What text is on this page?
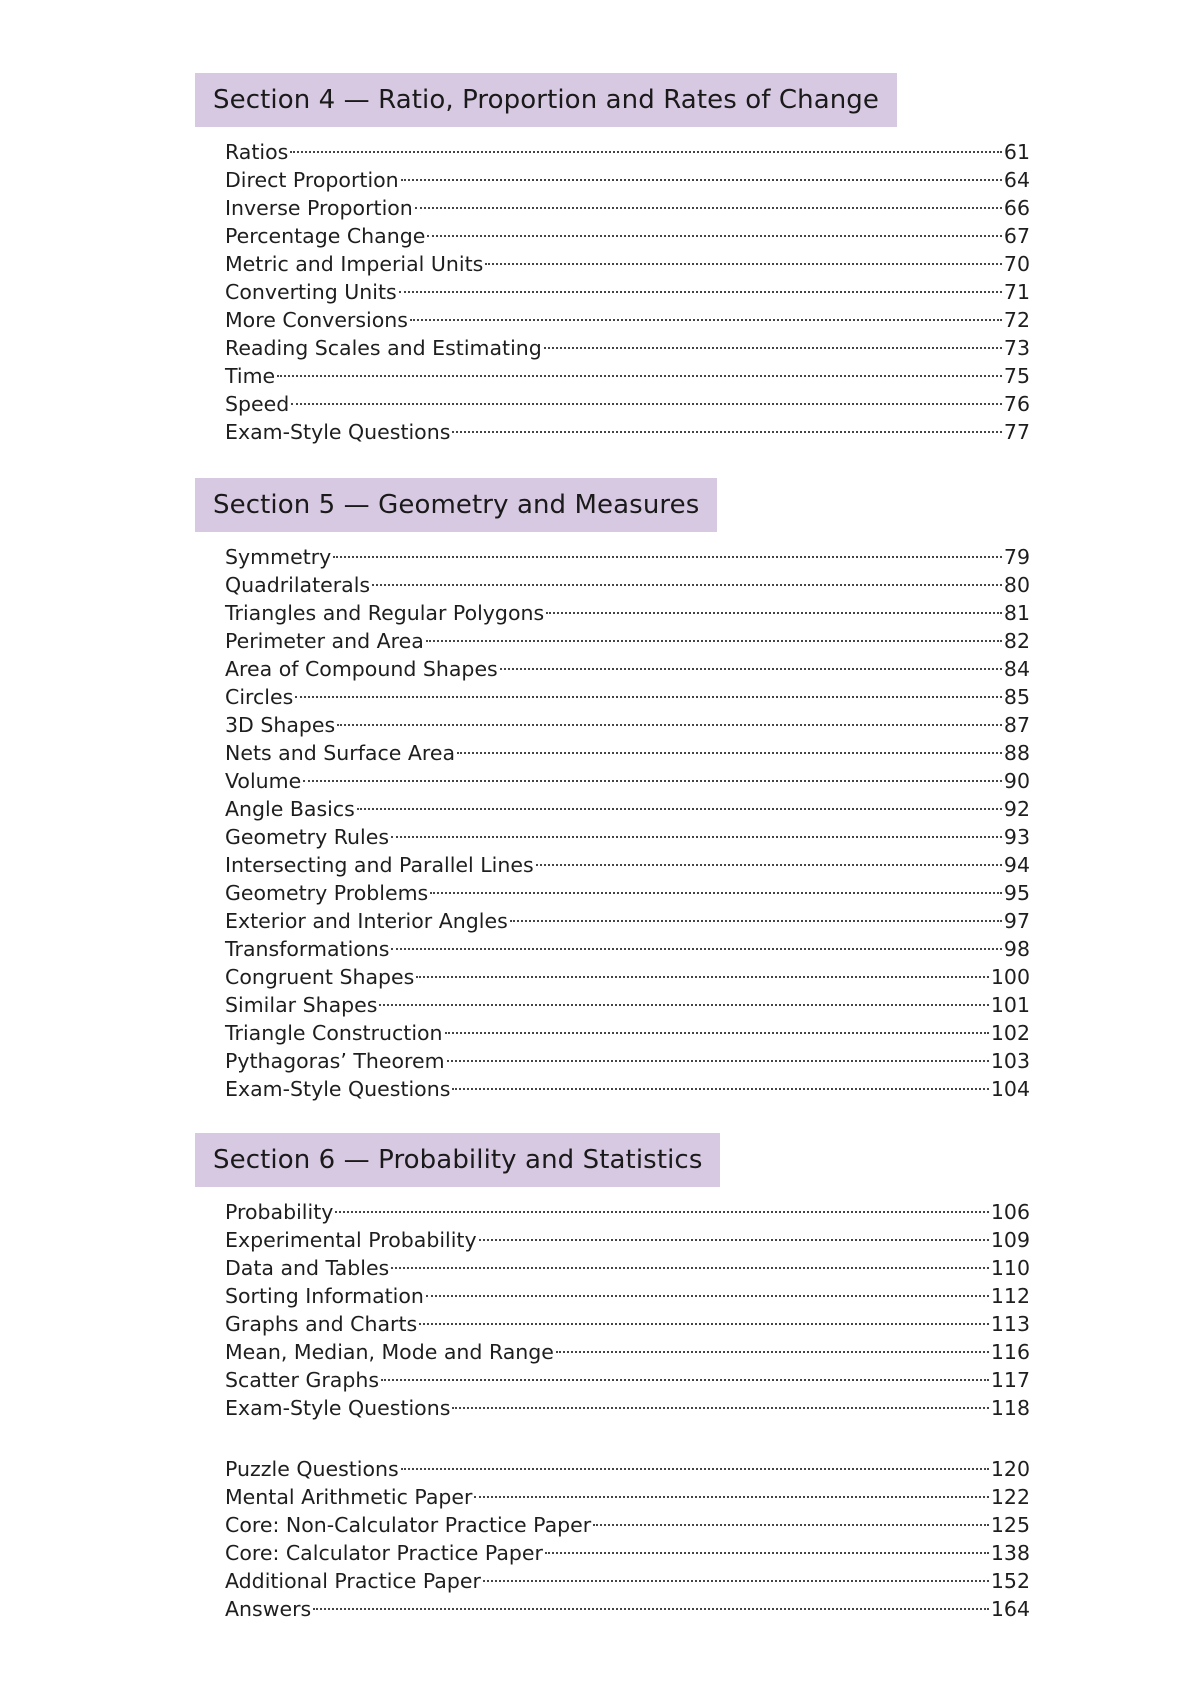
Section 4 — Ratio, Proportion and Rates of Change
Ratios	61
Direct Proportion	64
Inverse Proportion	66
Percentage Change	67
Metric and Imperial Units	70
Converting Units	71
More Conversions	72
Reading Scales and Estimating	73
Time	75
Speed	76
Exam-Style Questions	77
Section 5 — Geometry and Measures
Symmetry	79
Quadrilaterals	80
Triangles and Regular Polygons	81
Perimeter and Area	82
Area of Compound Shapes	84
Circles	85
3D Shapes	87
Nets and Surface Area	88
Volume	90
Angle Basics	92
Geometry Rules	93
Intersecting and Parallel Lines	94
Geometry Problems	95
Exterior and Interior Angles	97
Transformations	98
Congruent Shapes	100
Similar Shapes	101
Triangle Construction	102
Pythagoras’ Theorem	103
Exam-Style Questions	104
Section 6 — Probability and Statistics
Probability	106
Experimental Probability	109
Data and Tables	110
Sorting Information	112
Graphs and Charts	113
Mean, Median, Mode and Range	116
Scatter Graphs	117
Exam-Style Questions	118
Puzzle Questions	120
Mental Arithmetic Paper	122
Core: Non-Calculator Practice Paper	125
Core: Calculator Practice Paper	138
Additional Practice Paper	152
Answers	164
